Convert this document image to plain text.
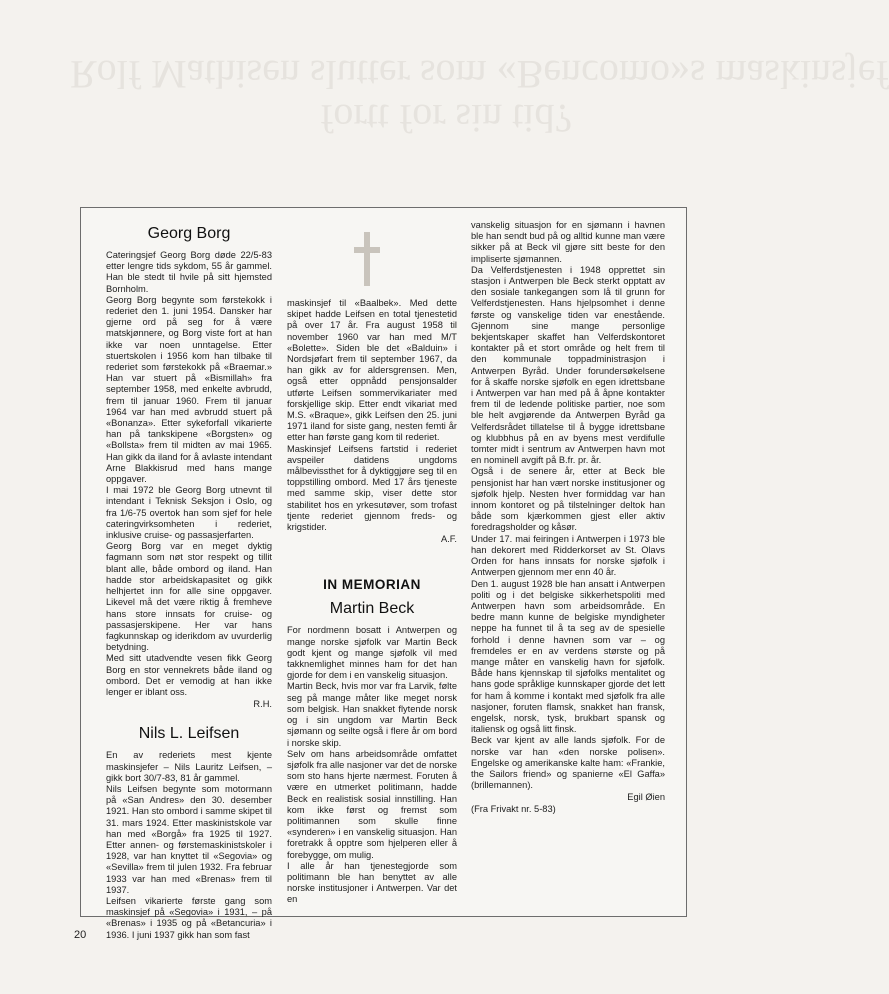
Rolf Mathisen slutter som «Bencomo»s maskinsjef
fortt for sin tid?
Georg Borg

Cateringsjef Georg Borg døde 22/5-83 etter lengre tids sykdom, 55 år gammel. Han ble stedt til hvile på sitt hjemsted Bornholm.

Georg Borg begynte som førstekokk i rederiet den 1. juni 1954. Dansker har gjerne ord på seg for å være matskjønnere, og Borg viste fort at han ikke var noen unntagelse. Etter stuertskolen i 1956 kom han tilbake til rederiet som førstekokk på «Braemar.» Han var stuert på «Bismillah» fra september 1958, med enkelte avbrudd, frem til januar 1960. Frem til januar 1964 var han med avbrudd stuert på «Bonanza». Etter sykeforfall vikarierte han på tankskipene «Borgsten» og «Bollsta» frem til midten av mai 1965. Han gikk da iland for å avlaste intendant Arne Blakkisrud med hans mange oppgaver.

I mai 1972 ble Georg Borg utnevnt til intendant i Teknisk Seksjon i Oslo, og fra 1/6-75 overtok han som sjef for hele cateringvirksomheten i rederiet, inklusive cruise- og passasjerfarten.

Georg Borg var en meget dyktig fagmann som nøt stor respekt og tillit blant alle, både ombord og iland. Han hadde stor arbeidskapasitet og gikk helhjertet inn for alle sine oppgaver. Likevel må det være riktig å fremheve hans store innsats for cruise- og passasjerskipene. Her var hans fagkunnskap og iderikdom av uvurderlig betydning.

Med sitt utadvendte vesen fikk Georg Borg en stor vennekrets både iland og ombord. Det er vemodig at han ikke lenger er iblant oss.

R.H.
Nils L. Leifsen

En av rederiets mest kjente maskinsjefer – Nils Lauritz Leifsen, – gikk bort 30/7-83, 81 år gammel.

Nils Leifsen begynte som motormann på «San Andres» den 30. desember 1921. Han sto ombord i samme skipet til 31. mars 1924. Etter maskinistskole var han med «Borgå» fra 1925 til 1927. Etter annen- og førstemaskinistskoler i 1928, var han knyttet til «Segovia» og «Sevilla» frem til julen 1932. Fra februar 1933 var han med «Brenas» frem til 1937.

Leifsen vikarierte første gang som maskinsjef på «Segovia» i 1931, – på «Brenas» i 1935 og på «Betancuria» i 1936. I juni 1937 gikk han som fast

maskinsjef til «Baalbek». Med dette skipet hadde Leifsen en total tjenestetid på over 17 år. Fra august 1958 til november 1960 var han med M/T «Bolette». Siden ble det «Balduin» i Nordsjøfart frem til september 1967, da han gikk av for aldersgrensen. Men, også etter oppnådd pensjonsalder utførte Leifsen sommervikariater med forskjellige skip. Etter endt vikariat med M.S. «Braque», gikk Leifsen den 25. juni 1971 iland for siste gang, nesten femti år etter han første gang kom til rederiet.

Maskinsjef Leifsens fartstid i rederiet avspeiler datidens ungdoms målbevissthet for å dyktiggjøre seg til en toppstilling ombord. Med 17 års tjeneste med samme skip, viser dette stor stabilitet hos en yrkesutøver, som trofast tjente rederiet gjennom freds- og krigstider.

A.F.
IN MEMORIAN
Martin Beck

For nordmenn bosatt i Antwerpen og mange norske sjøfolk var Martin Beck godt kjent og mange sjøfolk vil med takknemlighet minnes ham for det han gjorde for dem i en vanskelig situasjon.

Martin Beck, hvis mor var fra Larvik, følte seg på mange måter like meget norsk som belgisk. Han snakket flytende norsk og i sin ungdom var Martin Beck sjømann og seilte også i flere år om bord i norske skip.

Selv om hans arbeidsområde omfattet sjøfolk fra alle nasjoner var det de norske som sto hans hjerte nærmest. Foruten å være en utmerket politimann, hadde Beck en realistisk sosial innstilling. Han kom ikke først og fremst som politimannen som skulle finne «synderen» i en vanskelig situasjon. Han foretrakk å opptre som hjelperen eller å forebygge, om mulig.

I alle år han tjenestegjorde som politimann ble han benyttet av alle norske institusjoner i Antwerpen. Var det en

vanskelig situasjon for en sjømann i havnen ble han sendt bud på og alltid kunne man være sikker på at Beck vil gjøre sitt beste for den impliserte sjømannen.

Da Velferdstjenesten i 1948 opprettet sin stasjon i Antwerpen ble Beck sterkt opptatt av den sosiale tankegangen som lå til grunn for Velferdstjenesten. Hans hjelpsomhet i denne første og vanskelige tiden var enestående. Gjennom sine mange personlige bekjentskaper skaffet han Velferdskontoret kontakter på et stort område og helt frem til den kommunale toppadministrasjon i Antwerpen Byråd. Under forundersøkelsene for å skaffe norske sjøfolk en egen idrettsbane i Antwerpen var han med på å åpne kontakter frem til de ledende politiske partier, noe som ble helt avgjørende da Antwerpen Byråd ga Velferdsrådet tillatelse til å bygge idrettsbane og klubbhus på en av byens mest verdifulle tomter midt i sentrum av Antwerpen havn mot en nominell avgift på B.fr. pr. år.

Også i de senere år, etter at Beck ble pensjonist har han vært norske institusjoner og sjøfolk hjelp. Nesten hver formiddag var han innom kontoret og på tilstelninger deltok han både som kjærkommen gjest eller aktiv foredragsholder og kåsør.

Under 17. mai feiringen i Antwerpen i 1973 ble han dekorert med Ridderkorset av St. Olavs Orden for hans innsats for norske sjøfolk i Antwerpen gjennom mer enn 40 år.

Den 1. august 1928 ble han ansatt i Antwerpen politi og i det belgiske sikkerhetspoliti med Antwerpen havn som arbeidsområde. En bedre mann kunne de belgiske myndigheter neppe ha funnet til å ta seg av de spesielle forhold i denne havnen som var – og fremdeles er en av verdens største og på mange måter en vanskelig havn for sjøfolk. Både hans kjennskap til sjøfolks mentalitet og hans gode språklige kunnskaper gjorde det lett for ham å komme i kontakt med sjøfolk fra alle nasjoner, foruten flamsk, snakket han fransk, engelsk, norsk, tysk, brukbart spansk og italiensk og også litt finsk.

Beck var kjent av alle lands sjøfolk. For de norske var han «den norske polisen». Engelske og amerikanske kalte ham: «Frankie, the Sailors friend» og spanierne «El Gaffa» (brillemannen).

Egil Øien
(Fra Frivakt nr. 5-83)
20
